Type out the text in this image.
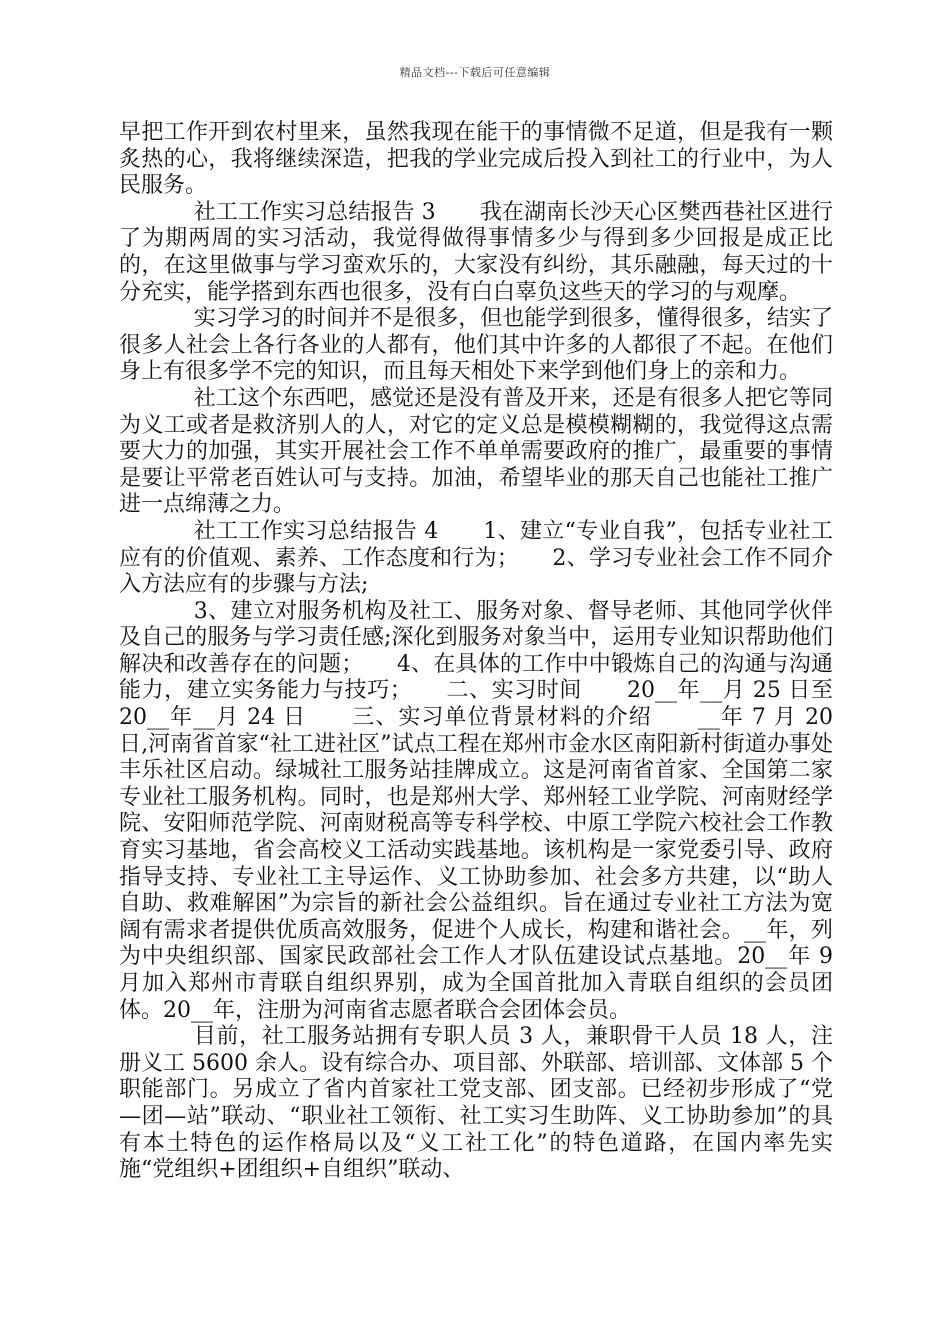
精品文档---下载后可任意编辑

早把工作开到农村里来，虽然我现在能干的事情微不足道，但是我有一颗炙热的心，我将继续深造，把我的学业完成后投入到社工的行业中，为人民服务。

社工工作实习总结报告 3　　我在湖南长沙天心区樊西巷社区进行了为期两周的实习活动，我觉得做得事情多少与得到多少回报是成正比的，在这里做事与学习蛮欢乐的，大家没有纠纷，其乐融融，每天过的十分充实，能学搭到东西也很多，没有白白辜负这些天的学习的与观摩。

实习学习的时间并不是很多，但也能学到很多，懂得很多，结实了很多人社会上各行各业的人都有，他们其中许多的人都很了不起。在他们身上有很多学不完的知识，而且每天相处下来学到他们身上的亲和力。

社工这个东西吧，感觉还是没有普及开来，还是有很多人把它等同为义工或者是救济别人的人，对它的定义总是模模糊糊的，我觉得这点需要大力的加强，其实开展社会工作不单单需要政府的推广，最重要的事情是要让平常老百姓认可与支持。加油，希望毕业的那天自己也能社工推广进一点绵薄之力。

社工工作实习总结报告 4　　1、建立“专业自我”，包括专业社工应有的价值观、素养、工作态度和行为；　　2、学习专业社会工作不同介入方法应有的步骤与方法;

3、建立对服务机构及社工、服务对象、督导老师、其他同学伙伴及自己的服务与学习责任感;深化到服务对象当中，运用专业知识帮助他们解决和改善存在的问题；　　4、在具体的工作中中锻炼自己的沟通与沟通能力，建立实务能力与技巧；　　二、实习时间　　20__年__月 25 日至 20__年__月 24 日　　三、实习单位背景材料的介绍　　__年 7 月 20 日,河南省首家“社工进社区”试点工程在郑州市金水区南阳新村街道办事处丰乐社区启动。绿城社工服务站挂牌成立。这是河南省首家、全国第二家专业社工服务机构。同时，也是郑州大学、郑州轻工业学院、河南财经学院、安阳师范学院、河南财税高等专科学校、中原工学院六校社会工作教育实习基地，省会高校义工活动实践基地。该机构是一家党委引导、政府指导支持、专业社工主导运作、义工协助参加、社会多方共建，以“助人自助、救难解困”为宗旨的新社会公益组织。旨在通过专业社工方法为宽阔有需求者提供优质高效服务，促进个人成长，构建和谐社会。__年，列为中央组织部、国家民政部社会工作人才队伍建设试点基地。20__年 9 月加入郑州市青联自组织界别，成为全国首批加入青联自组织的会员团体。20__年，注册为河南省志愿者联合会团体会员。

目前，社工服务站拥有专职人员 3 人，兼职骨干人员 18 人，注册义工 5600 余人。设有综合办、项目部、外联部、培训部、文体部 5 个职能部门。另成立了省内首家社工党支部、团支部。已经初步形成了“党—团—站”联动、“职业社工领衔、社工实习生助阵、义工协助参加”的具有本土特色的运作格局以及“义工社工化”的特色道路，在国内率先实施“党组织+团组织+自组织”联动、
